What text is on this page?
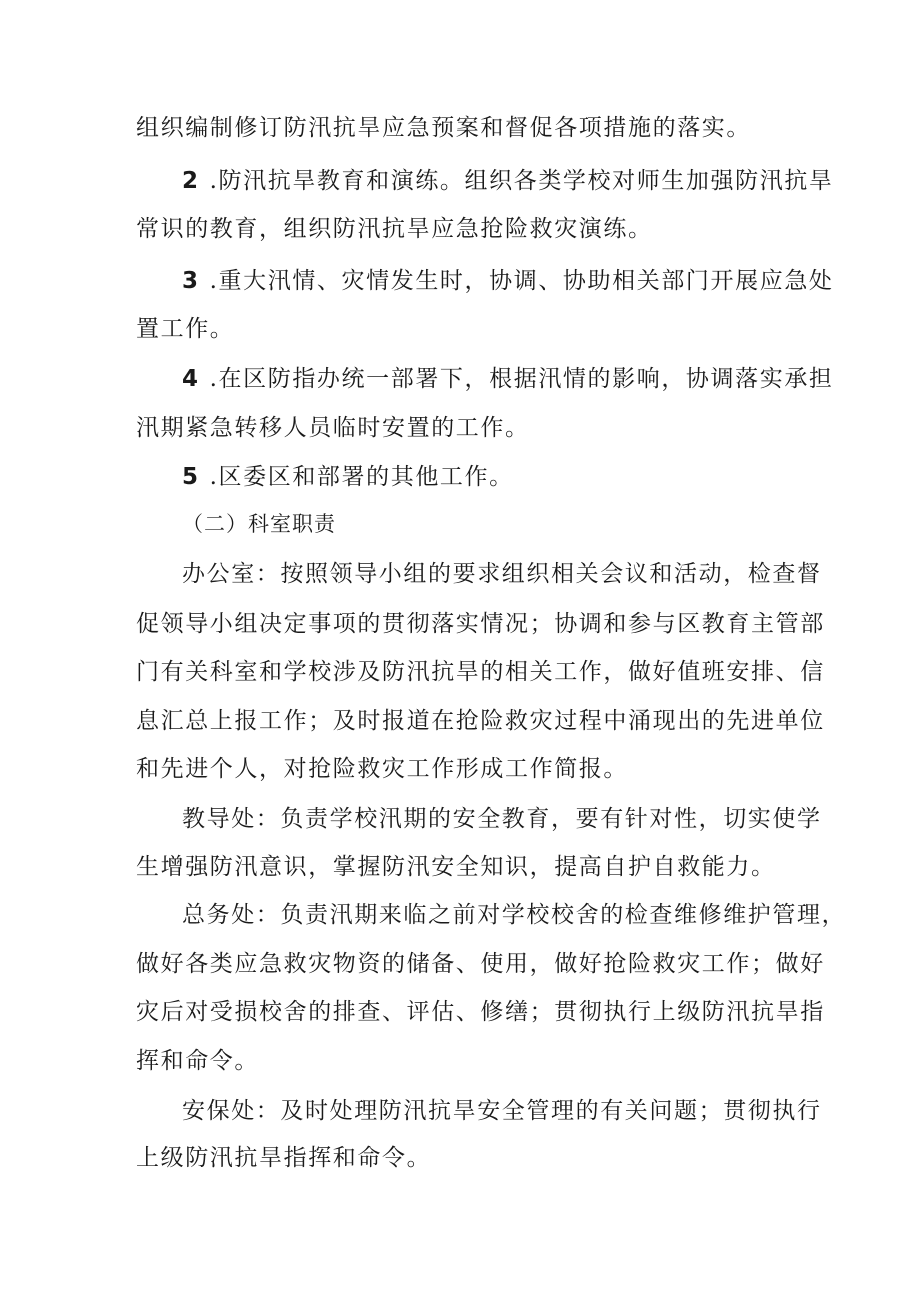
组织编制修订防汛抗旱应急预案和督促各项措施的落实。
2 .防汛抗旱教育和演练。组织各类学校对师生加强防汛抗旱
常识的教育，组织防汛抗旱应急抢险救灾演练。
3 .重大汛情、灾情发生时，协调、协助相关部门开展应急处
置工作。
4 .在区防指办统一部署下，根据汛情的影响，协调落实承担
汛期紧急转移人员临时安置的工作。
5 .区委区和部署的其他工作。
（二）科室职责
办公室：按照领导小组的要求组织相关会议和活动，检查督
促领导小组决定事项的贯彻落实情况；协调和参与区教育主管部
门有关科室和学校涉及防汛抗旱的相关工作，做好值班安排、信
息汇总上报工作；及时报道在抢险救灾过程中涌现出的先进单位
和先进个人，对抢险救灾工作形成工作简报。
教导处：负责学校汛期的安全教育，要有针对性，切实使学
生增强防汛意识，掌握防汛安全知识，提高自护自救能力。
总务处：负责汛期来临之前对学校校舍的检查维修维护管理，
做好各类应急救灾物资的储备、使用，做好抢险救灾工作；做好
灾后对受损校舍的排查、评估、修缮；贯彻执行上级防汛抗旱指
挥和命令。
安保处：及时处理防汛抗旱安全管理的有关问题；贯彻执行
上级防汛抗旱指挥和命令。
